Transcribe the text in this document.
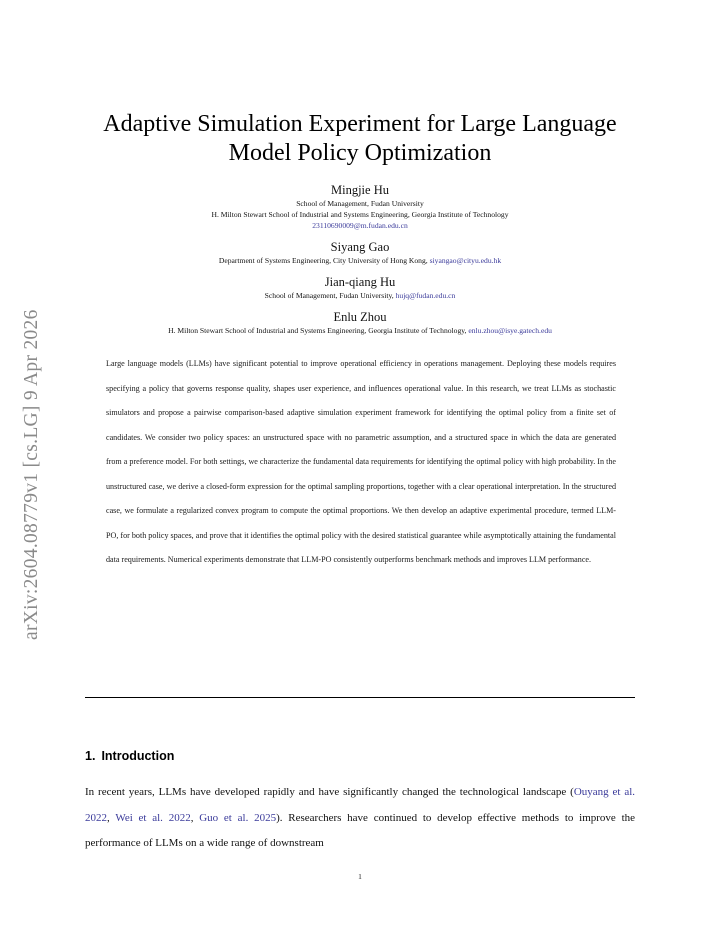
arXiv:2604.08779v1 [cs.LG] 9 Apr 2026
Adaptive Simulation Experiment for Large Language
Model Policy Optimization
Mingjie Hu
School of Management, Fudan University
H. Milton Stewart School of Industrial and Systems Engineering, Georgia Institute of Technology
23110690009@m.fudan.edu.cn
Siyang Gao
Department of Systems Engineering, City University of Hong Kong, siyangao@cityu.edu.hk
Jian-qiang Hu
School of Management, Fudan University, hujq@fudan.edu.cn
Enlu Zhou
H. Milton Stewart School of Industrial and Systems Engineering, Georgia Institute of Technology, enlu.zhou@isye.gatech.edu
Large language models (LLMs) have significant potential to improve operational efficiency in operations management. Deploying these models requires specifying a policy that governs response quality, shapes user experience, and influences operational value. In this research, we treat LLMs as stochastic simulators and propose a pairwise comparison-based adaptive simulation experiment framework for identifying the optimal policy from a finite set of candidates. We consider two policy spaces: an unstructured space with no parametric assumption, and a structured space in which the data are generated from a preference model. For both settings, we characterize the fundamental data requirements for identifying the optimal policy with high probability. In the unstructured case, we derive a closed-form expression for the optimal sampling proportions, together with a clear operational interpretation. In the structured case, we formulate a regularized convex program to compute the optimal proportions. We then develop an adaptive experimental procedure, termed LLM-PO, for both policy spaces, and prove that it identifies the optimal policy with the desired statistical guarantee while asymptotically attaining the fundamental data requirements. Numerical experiments demonstrate that LLM-PO consistently outperforms benchmark methods and improves LLM performance.
1. Introduction
In recent years, LLMs have developed rapidly and have significantly changed the technological landscape (Ouyang et al. 2022, Wei et al. 2022, Guo et al. 2025). Researchers have continued to develop effective methods to improve the performance of LLMs on a wide range of downstream
1
